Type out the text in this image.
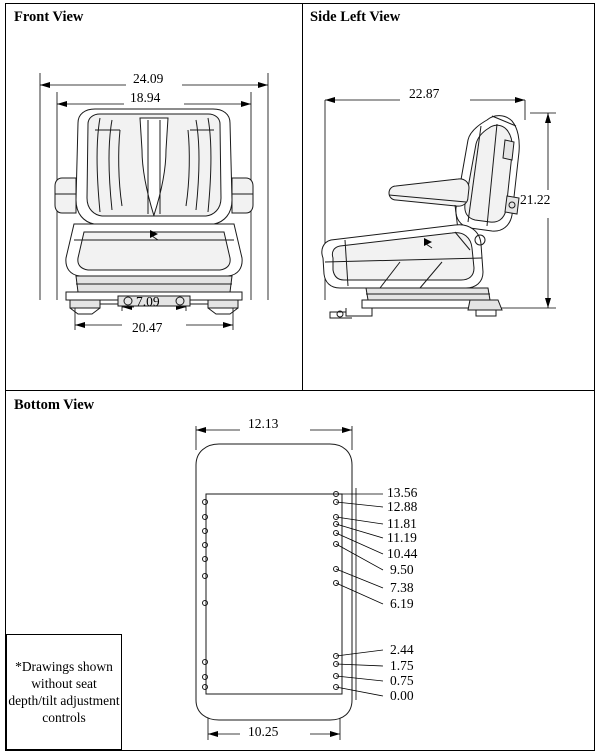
Front View	Side Left View
Bottom View
24.09
18.94
7.09
20.47
22.87
21.22
12.13
10.25
13.56
12.88
11.81
11.19
10.44
9.50
7.38
6.19
2.44
1.75
0.75
0.00
*Drawings shown without seat depth/tilt adjustment controls
